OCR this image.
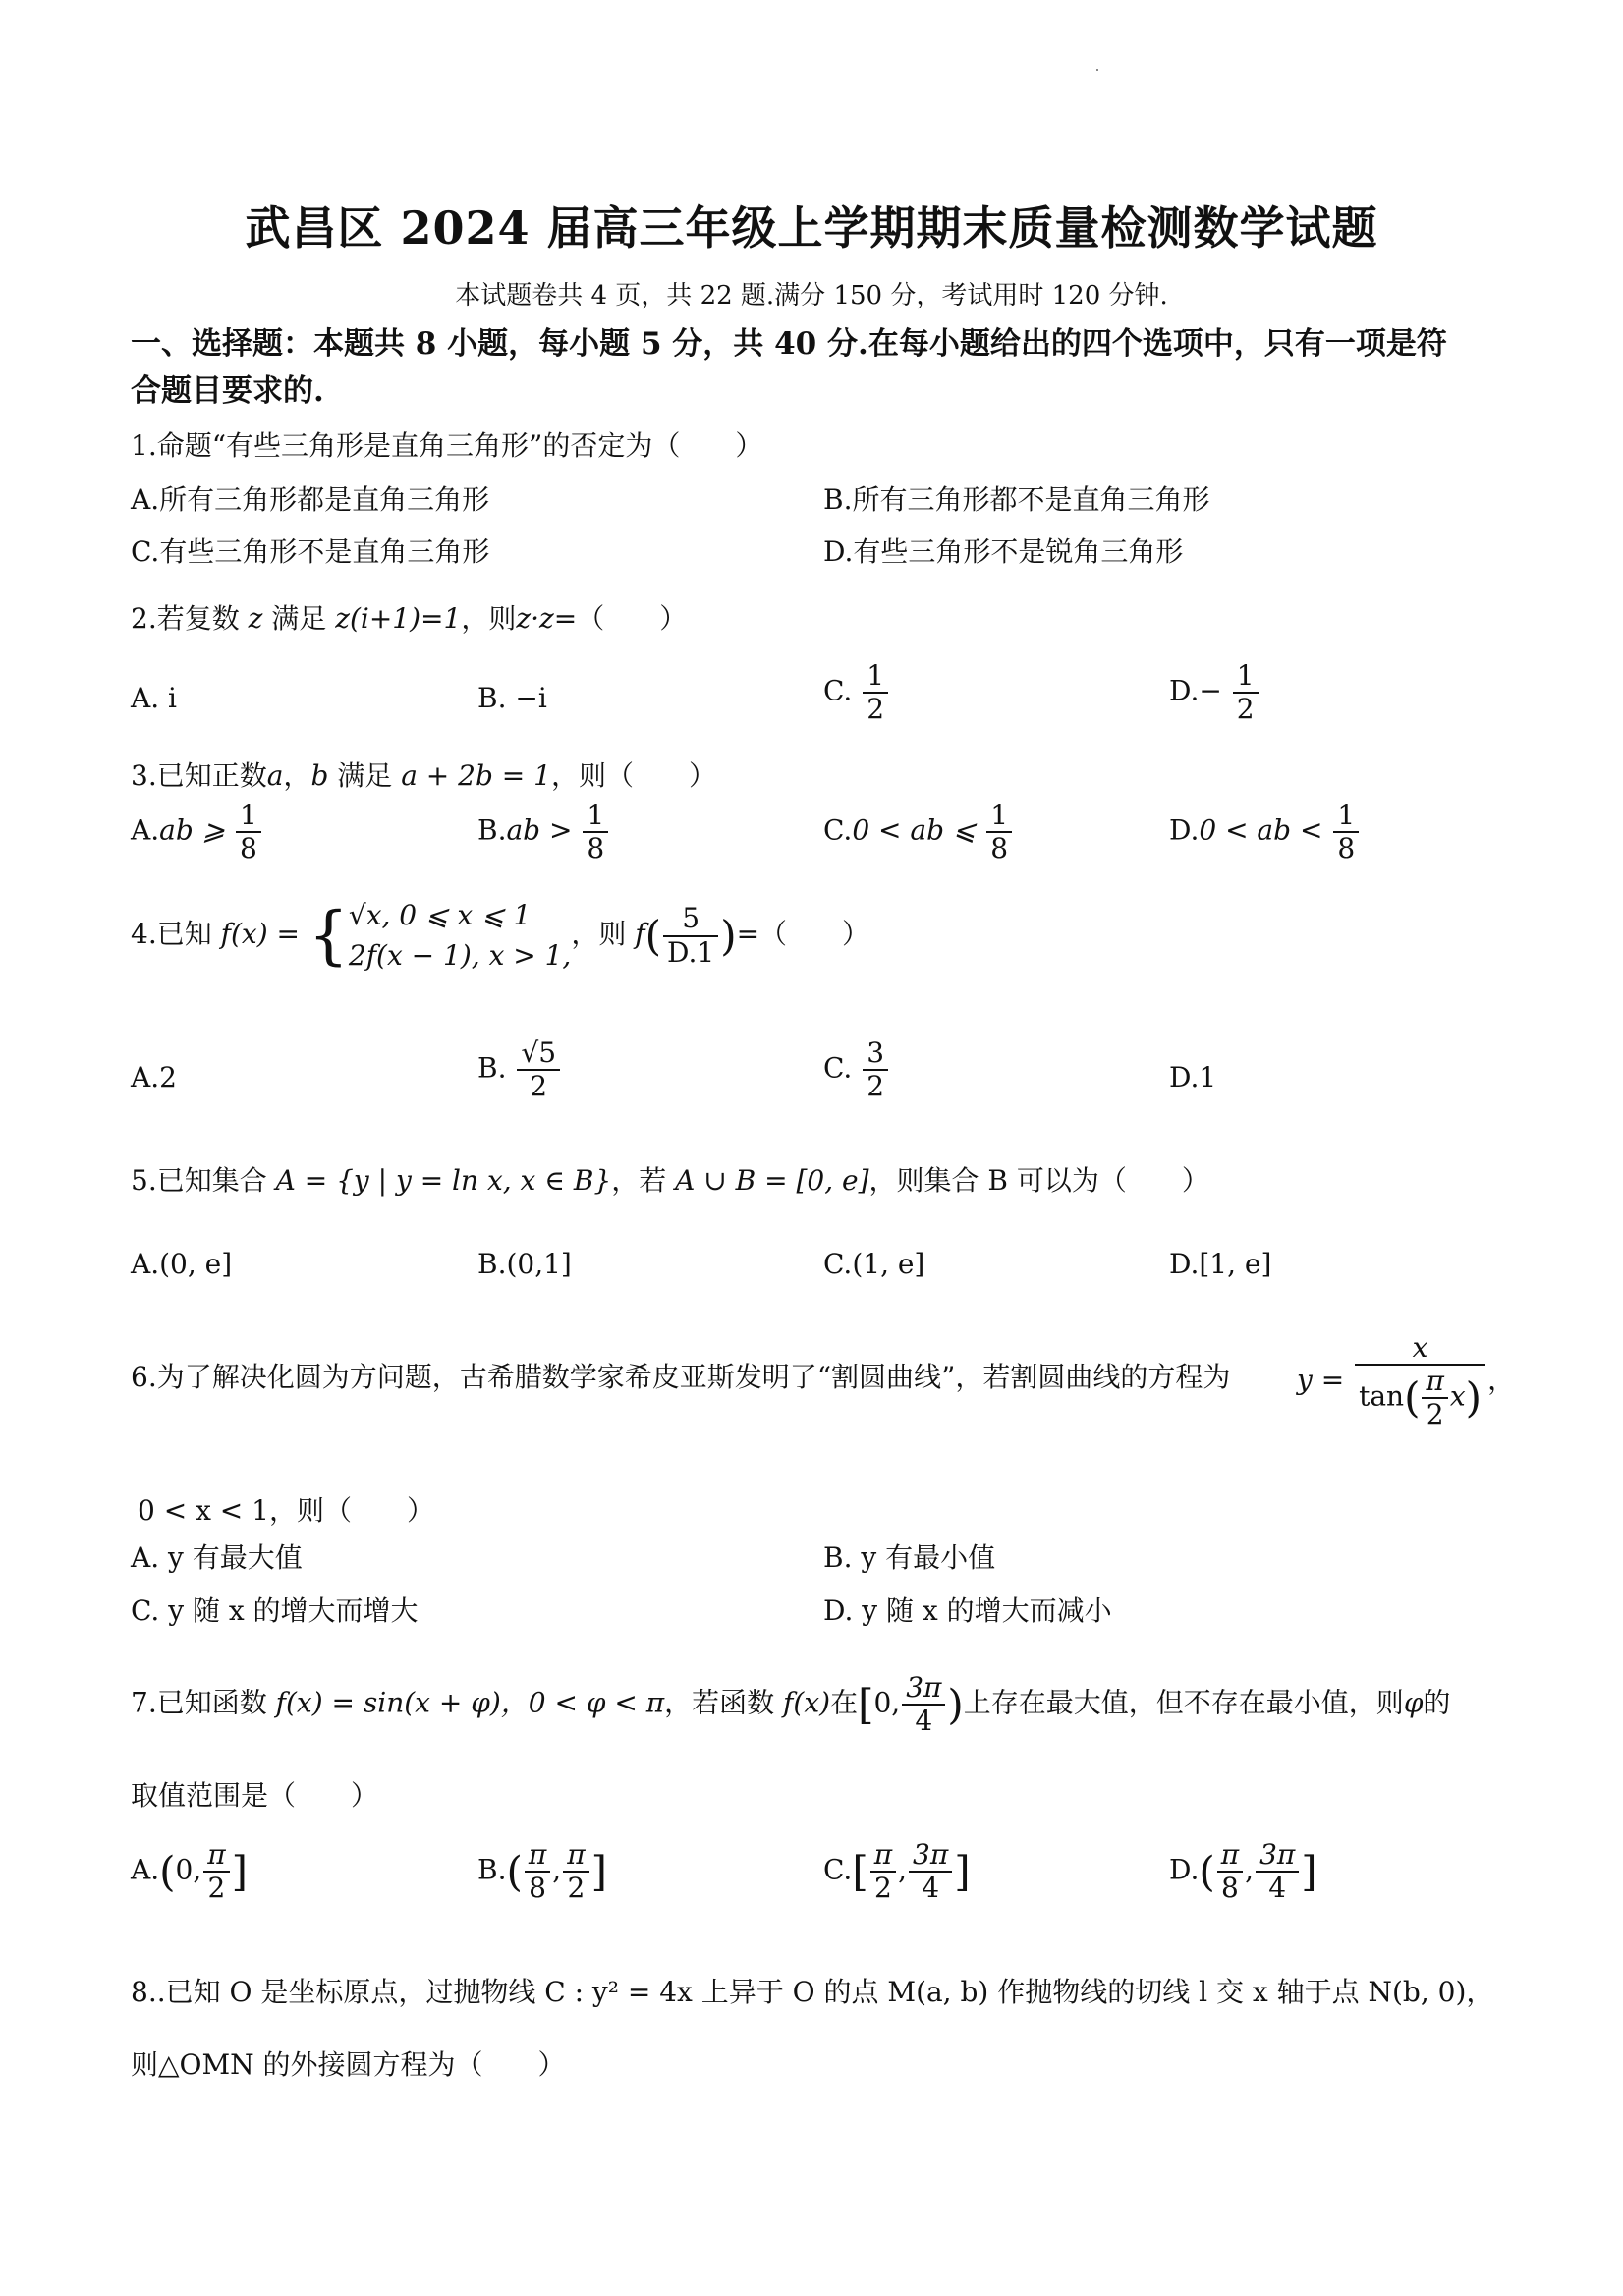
武昌区 2024 届高三年级上学期期末质量检测数学试题
本试题卷共 4 页，共 22 题.满分 150 分，考试用时 120 分钟.
一、选择题：本题共 8 小题，每小题 5 分，共 40 分.在每小题给出的四个选项中，只有一项是符
合题目要求的.
1.命题“有些三角形是直角三角形”的否定为（　　）
A.所有三角形都是直角三角形	B.所有三角形都不是直角三角形
C.有些三角形不是直角三角形	D.有些三角形不是锐角三角形
2.若复数 z 满足 z(i+1)=1，则z·z=（　　）
A. i	B. −i	C. $\frac{1}{2}$	$D.- \frac{1}{2}$
3.已知正数a，b 满足 a + 2b = 1，则（　　）
A.ab ⩾ $\frac{1}{8}$	$B.ab > \frac{1}{8}$	C.0 < ab ⩽ $\frac{1}{8}$	D.0 < ab < $\frac{1}{8}$
4.已知 f(x) = { √x, 0 ⩽ x ⩽ 1
2f(x − 1), x > 1,
，则 $f( \frac{5}{D.1}$ )=（　　）
A.2	B. $\frac{√5}{2}$	C. $\frac{3}{2}$	D.1
5.已知集合 A = {y | y = ln x, x ∈ B}，若 A ∪ B = [0, e]，则集合 B 可以为（　　）
A.(0, e]	B.(0,1]	C.(1, e]	D.[1, e]
6.为了解决化圆为方问题，古希腊数学家希皮亚斯发明了“割圆曲线”，若割圆曲线的方程为 $y = \frac{x}{\tan( \frac{\pi}{2} x)}$ ，
0 < x < 1，则（　　）
A. y 有最大值	B. y 有最小值
C. y 随 x 的增大而增大	D. y 随 x 的增大而减小
7.已知函数 f(x) = sin(x + φ)，0 < φ < π，若函数 f(x)在[0, $\frac{3\pi}{4}$ )上存在最大值，但不存在最小值，则φ的
取值范围是（　　）
A.(0, $\frac{\pi}{2}$ ]	$B.( \frac{\pi}{8}$ , $\frac{\pi}{2}$ ]	$C.[ \frac{\pi}{2}$ , $\frac{3\pi}{4}$ ]	$D.( \frac{\pi}{8}$ , $\frac{3\pi}{4}$ ]
8..已知 O 是坐标原点，过抛物线 C : y² = 4x 上异于 O 的点 M(a, b) 作抛物线的切线 l 交 x 轴于点 N(b, 0)，
则△OMN 的外接圆方程为（　　）
